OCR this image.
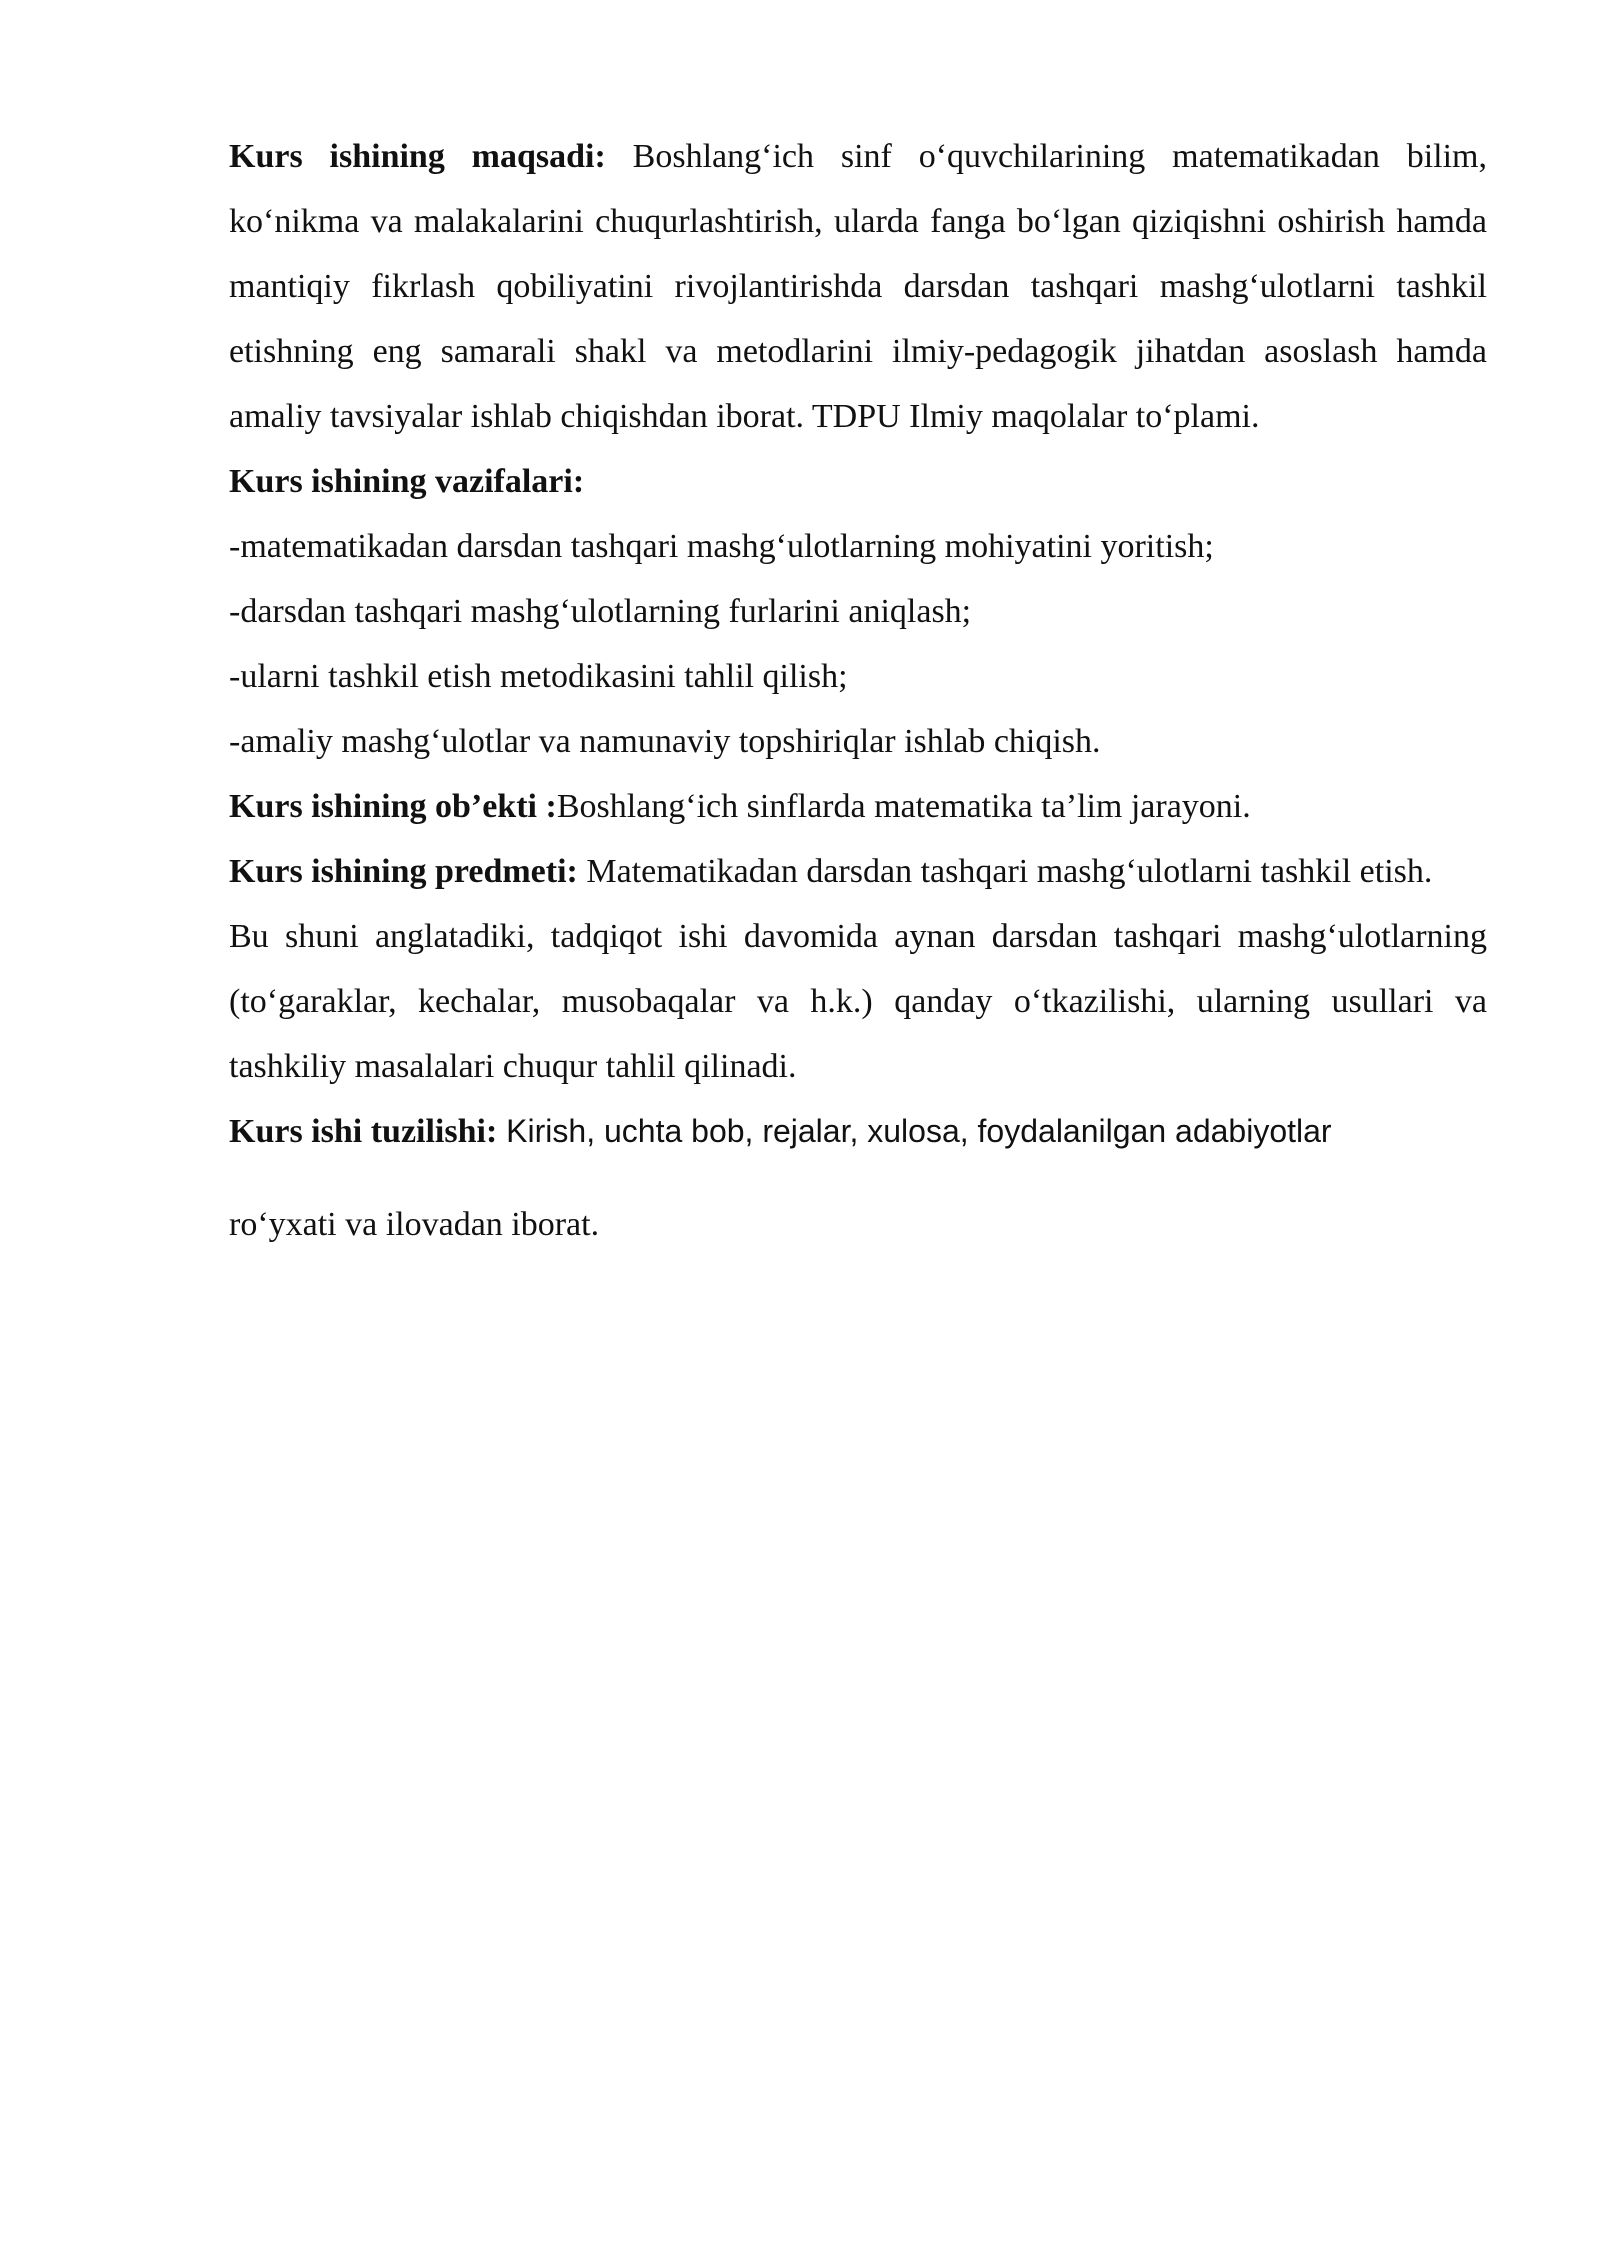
Kurs ishining maqsadi: Boshlang‘ich sinf o‘quvchilarining matematikadan bilim, ko‘nikma va malakalarini chuqurlashtirish, ularda fanga bo‘lgan qiziqishni oshirish hamda mantiqiy fikrlash qobiliyatini rivojlantirishda darsdan tashqari mashg‘ulotlarni tashkil etishning eng samarali shakl va metodlarini ilmiy-pedagogik jihatdan asoslash hamda amaliy tavsiyalar ishlab chiqishdan iborat. TDPU Ilmiy maqolalar to‘plami.

Kurs ishining vazifalari:

-matematikadan darsdan tashqari mashg‘ulotlarning mohiyatini yoritish;

-darsdan tashqari mashg‘ulotlarning furlarini aniqlash;

-ularni tashkil etish metodikasini tahlil qilish;

-amaliy mashg‘ulotlar va namunaviy topshiriqlar ishlab chiqish.

Kurs ishining ob’ekti :Boshlang‘ich sinflarda matematika ta’lim jarayoni.

Kurs ishining predmeti: Matematikadan darsdan tashqari mashg‘ulotlarni tashkil etish.

Bu shuni anglatadiki, tadqiqot ishi davomida aynan darsdan tashqari mashg‘ulotlarning (to‘garaklar, kechalar, musobaqalar va h.k.) qanday o‘tkazilishi, ularning usullari va tashkiliy masalalari chuqur tahlil qilinadi.

Kurs ishi tuzilishi: Kirish, uchta bob, rejalar, xulosa, foydalanilgan adabiyotlar

ro‘yxati va ilovadan iborat.
